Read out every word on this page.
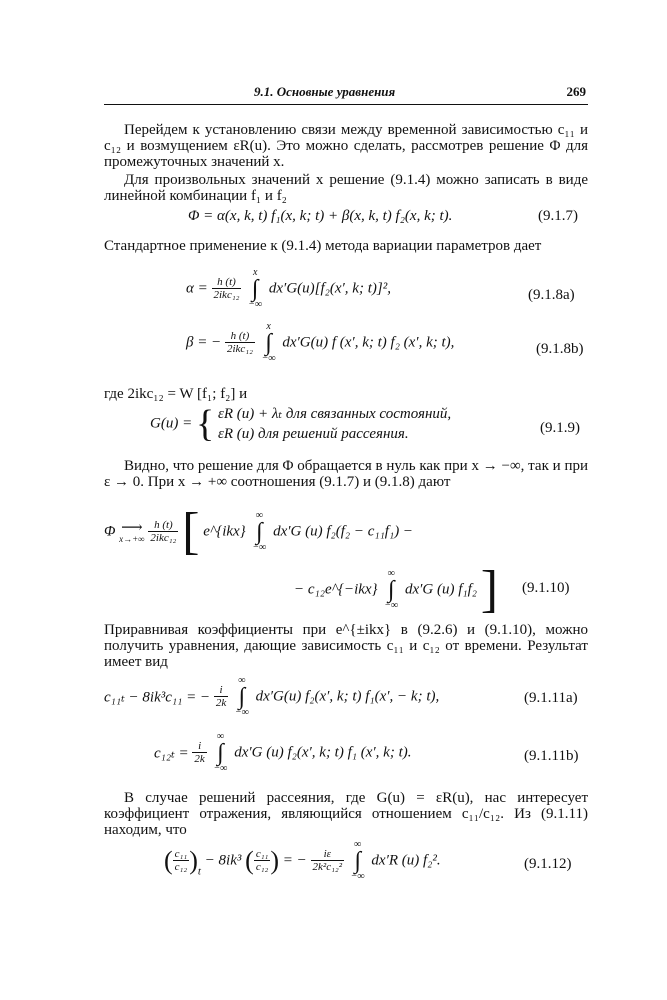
9.1. Основные уравнения	269

Перейдем к установлению связи между временной зависимостью c₁₁ и c₁₂ и возмущением εR(u). Это можно сделать, рассмотрев решение Φ для промежуточных значений x.

Для произвольных значений x решение (9.1.4) можно записать в виде линейной комбинации f₁ и f₂

Φ = α(x, k, t) f₁(x, k; t) + β(x, k, t) f₂(x, k; t).	(9.1.7)

Стандартное применение к (9.1.4) метода вариации параметров дает

$\alpha = \frac{h (t)}{\text{2ikc₁₂}}$

x
∫
−∞
dx′G(u)[f₂(x′, k; t)]²,	(9.1.8a)
β = − $\frac{h (t)}{\text{2ikc₁₂}}$

x
∫
−∞
dx′G(u) f (x′, k; t) f₂ (x′, k; t),	(9.1.8b)

где 2ikc₁₂ = W [f₁; f₂] и

G(u) = { εR (u) + λₜ для связанных состояний,
εR (u) для решений рассеяния.	(9.1.9)

Видно, что решение для Φ обращается в нуль как при x → −∞, так и при ε → 0. При x → +∞ соотношения (9.1.7) и (9.1.8) дают

Φ ⟶
x→+∞
$\frac{h (t)}{\text{2ikc₁₂}}$ [ e^{ikx}
∞
∫
−∞
dx′G (u) f₂(f₂ − c₁₁f₁) −
− c₁₂e^{−ikx}
∞
∫
−∞
dx′G (u) f₁f₂ ] (9.1.10)

Приравнивая коэффициенты при e^{±ikx} в (9.2.6) и (9.1.10), можно получить уравнения, дающие зависимость c₁₁ и c₁₂ от времени. Результат имеет вид

c₁₁ₜ − 8ik³c₁₁ = − $\frac{i}{2k}$

∞
∫
−∞
dx′G(u) f₂(x′, k; t) f₁(x′, − k; t),	(9.1.11a)
$c_{12t} = \frac{i}{2k}$

∞
∫
−∞
dx′G (u) f₂(x′, k; t) f₁ (x′, k; t).	(9.1.11b)

В случае решений рассеяния, где G(u) = εR(u), нас интересует коэффициент отражения, являющийся отношением c₁₁/c₁₂. Из (9.1.11) находим, что

( $\frac{\text{c₁₁}}{\text{c₁₂}} )_t - 8ik^3$ ( $\frac{\text{c₁₁}}{\text{c₁₂}}$ ) = − $\frac{i\varepsilon}{\text{2k²c₁₂²}}$

∞
∫
−∞
dx′R (u) f₂².	(9.1.12)
